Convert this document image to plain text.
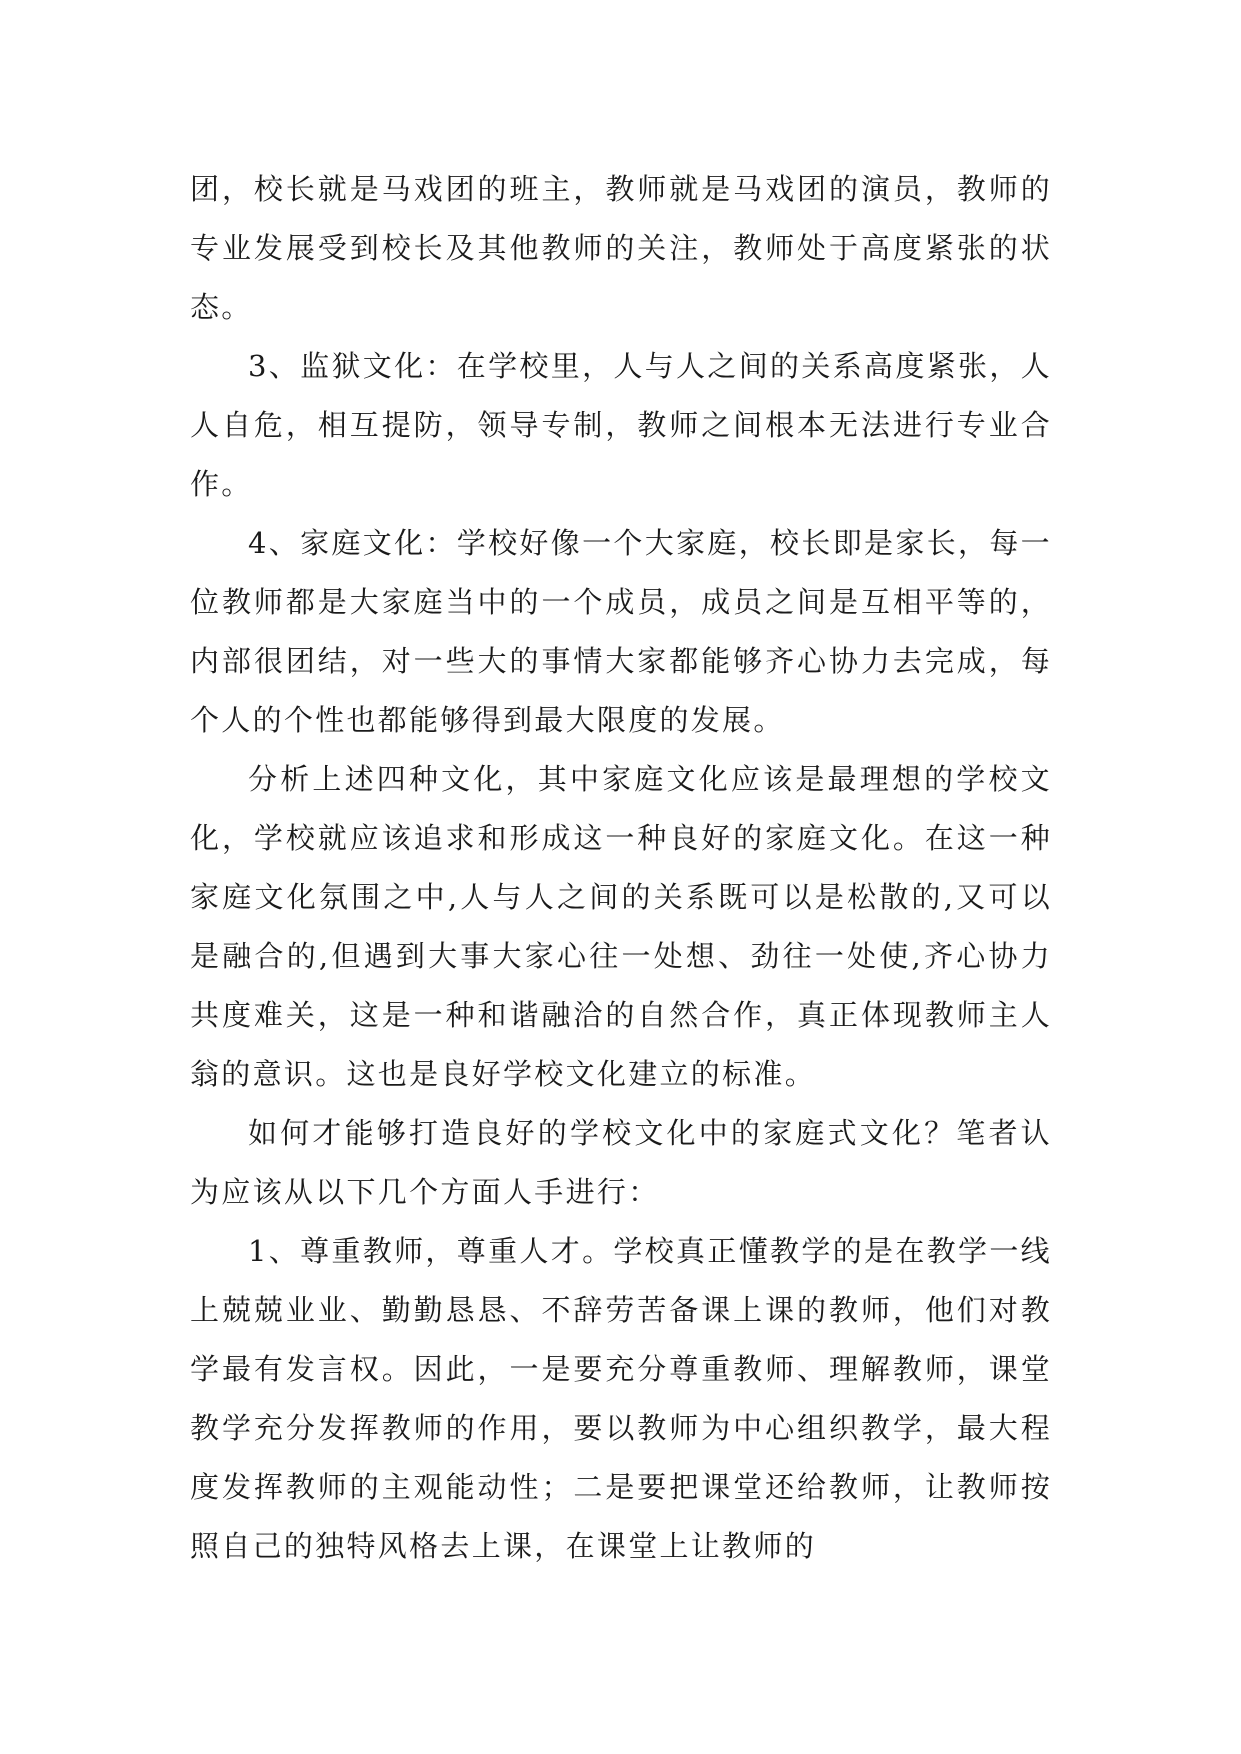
团，校长就是马戏团的班主，教师就是马戏团的演员，教师的专业发展受到校长及其他教师的关注，教师处于高度紧张的状态。

3、监狱文化：在学校里，人与人之间的关系高度紧张，人人自危，相互提防，领导专制，教师之间根本无法进行专业合作。

4、家庭文化：学校好像一个大家庭，校长即是家长，每一位教师都是大家庭当中的一个成员，成员之间是互相平等的，内部很团结，对一些大的事情大家都能够齐心协力去完成，每个人的个性也都能够得到最大限度的发展。

分析上述四种文化，其中家庭文化应该是最理想的学校文化，学校就应该追求和形成这一种良好的家庭文化。在这一种家庭文化氛围之中,人与人之间的关系既可以是松散的,又可以是融合的,但遇到大事大家心往一处想、劲往一处使,齐心协力共度难关，这是一种和谐融洽的自然合作，真正体现教师主人翁的意识。这也是良好学校文化建立的标准。

如何才能够打造良好的学校文化中的家庭式文化？笔者认为应该从以下几个方面人手进行：

1、尊重教师，尊重人才。学校真正懂教学的是在教学一线上兢兢业业、勤勤恳恳、不辞劳苦备课上课的教师，他们对教学最有发言权。因此，一是要充分尊重教师、理解教师，课堂教学充分发挥教师的作用，要以教师为中心组织教学，最大程度发挥教师的主观能动性；二是要把课堂还给教师，让教师按照自己的独特风格去上课，在课堂上让教师的
